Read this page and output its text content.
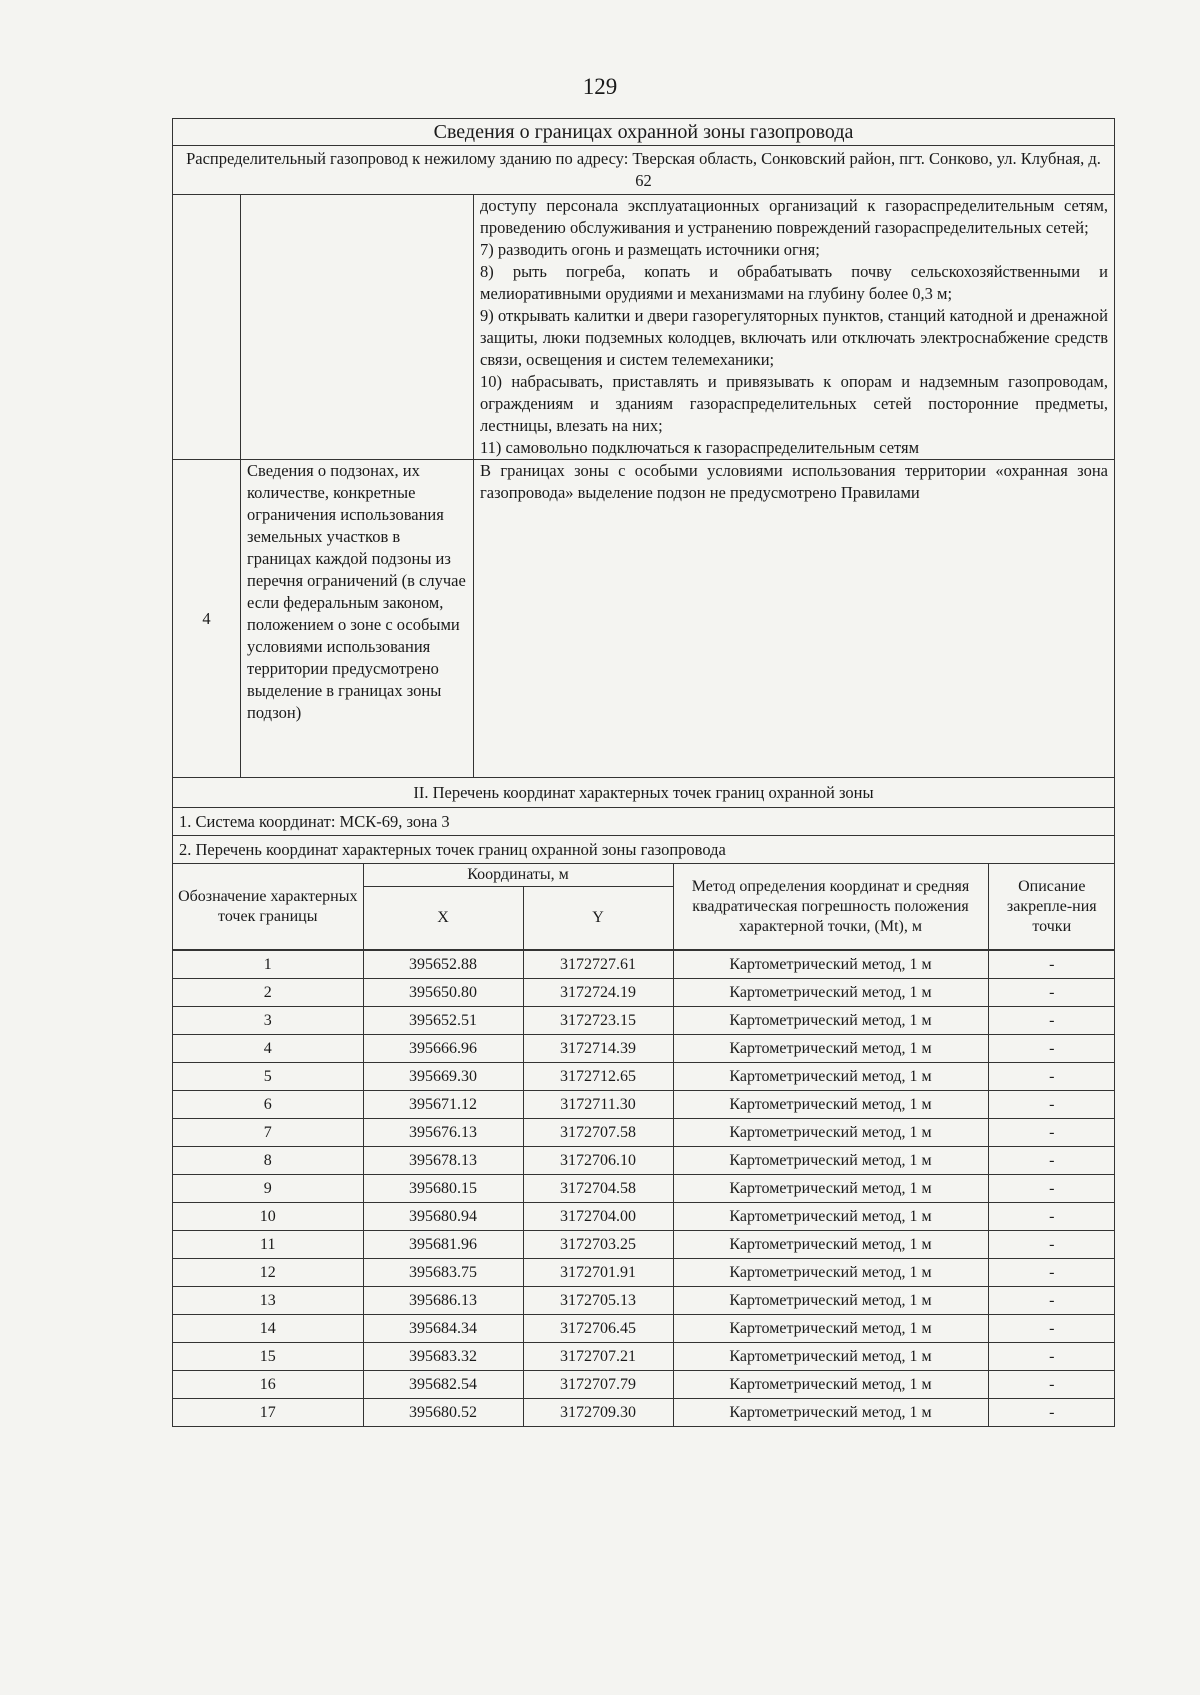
129
Сведения о границах охранной зоны газопровода
Распределительный газопровод к нежилому зданию по адресу: Тверская область, Сонковский район, пгт. Сонково, ул. Клубная, д. 62

доступу персонала эксплуатационных организаций к газораспределительным сетям, проведению обслуживания и устранению повреждений газораспределительных сетей;
7) разводить огонь и размещать источники огня;
8) рыть погреба, копать и обрабатывать почву сельскохозяйственными и мелиоративными орудиями и механизмами на глубину более 0,3 м;
9) открывать калитки и двери газорегуляторных пунктов, станций катодной и дренажной защиты, люки подземных колодцев, включать или отключать электроснабжение средств связи, освещения и систем телемеханики;
10) набрасывать, приставлять и привязывать к опорам и надземным газопроводам, ограждениям и зданиям газораспределительных сетей посторонние предметы, лестницы, влезать на них;
11) самовольно подключаться к газораспределительным сетям

4	Сведения о подзонах, их количестве, конкретные ограничения использования земельных участков в границах каждой подзоны из перечня ограничений (в случае если федеральным законом, положением о зоне с особыми условиями использования территории предусмотрено выделение в границах зоны подзон)	В границах зоны с особыми условиями использования территории «охранная зона газопровода» выделение подзон не предусмотрено Правилами
II. Перечень координат характерных точек границ охранной зоны
1. Система координат: МСК-69, зона 3
2. Перечень координат характерных точек границ охранной зоны газопровода

Обозначение характерных точек границы	Координаты, м	Метод определения координат и средняя квадратическая погрешность положения характерной точки, (Mt), м	Описание закрепле-ния точки
X	Y
1	395652.88	3172727.61	Картометрический метод, 1 м	-
2	395650.80	3172724.19	Картометрический метод, 1 м	-
3	395652.51	3172723.15	Картометрический метод, 1 м	-
4	395666.96	3172714.39	Картометрический метод, 1 м	-
5	395669.30	3172712.65	Картометрический метод, 1 м	-
6	395671.12	3172711.30	Картометрический метод, 1 м	-
7	395676.13	3172707.58	Картометрический метод, 1 м	-
8	395678.13	3172706.10	Картометрический метод, 1 м	-
9	395680.15	3172704.58	Картометрический метод, 1 м	-
10	395680.94	3172704.00	Картометрический метод, 1 м	-
11	395681.96	3172703.25	Картометрический метод, 1 м	-
12	395683.75	3172701.91	Картометрический метод, 1 м	-
13	395686.13	3172705.13	Картометрический метод, 1 м	-
14	395684.34	3172706.45	Картометрический метод, 1 м	-
15	395683.32	3172707.21	Картометрический метод, 1 м	-
16	395682.54	3172707.79	Картометрический метод, 1 м	-
17	395680.52	3172709.30	Картометрический метод, 1 м	-
